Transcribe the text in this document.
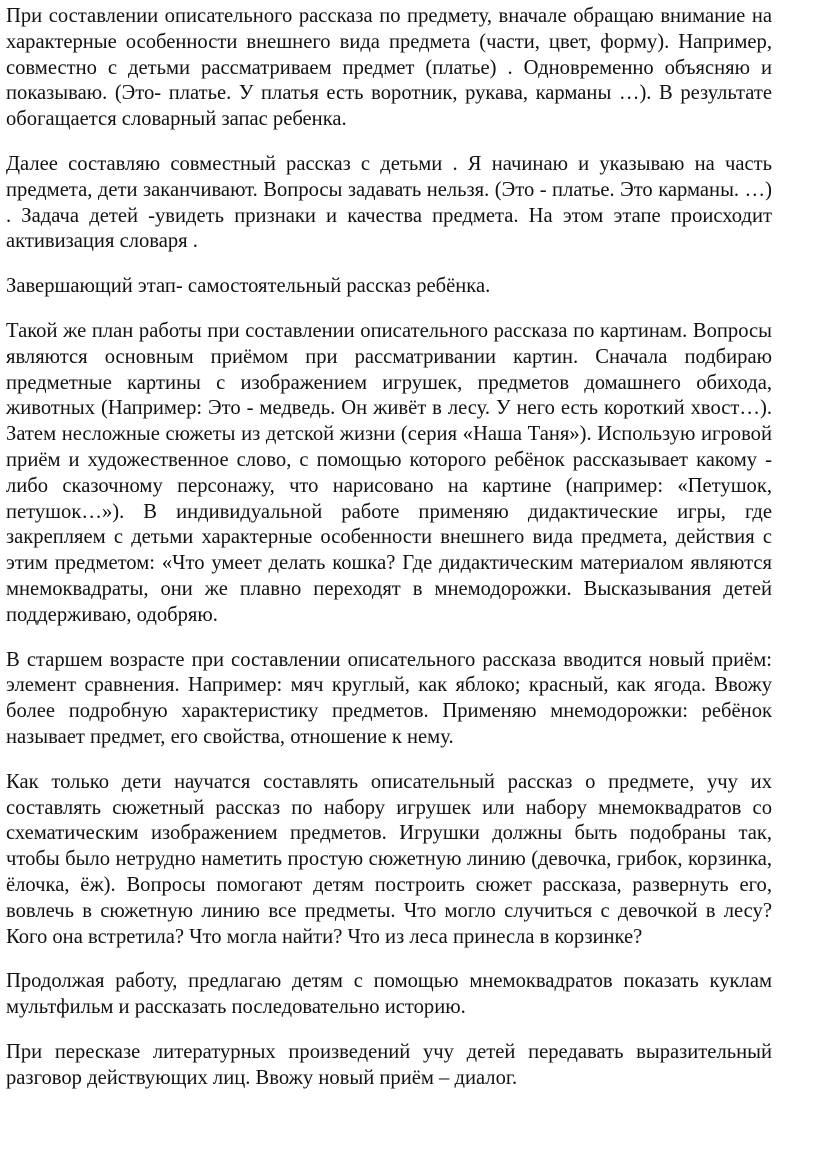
При составлении описательного рассказа по предмету, вначале обращаю внимание на характерные особенности внешнего вида предмета (части, цвет, форму). Например, совместно с детьми рассматриваем предмет (платье) . Одновременно объясняю и показываю. (Это- платье. У платья есть воротник, рукава, карманы …). В результате обогащается словарный запас ребенка.

Далее составляю совместный рассказ с детьми . Я начинаю и указываю на часть предмета, дети заканчивают. Вопросы задавать нельзя. (Это - платье. Это карманы. …) . Задача детей -увидеть признаки и качества предмета. На этом этапе происходит активизация словаря .

Завершающий этап- самостоятельный рассказ ребёнка.

Такой же план работы при составлении описательного рассказа по картинам. Вопросы являются основным приёмом при рассматривании картин. Сначала подбираю предметные картины с изображением игрушек, предметов домашнего обихода, животных (Например: Это - медведь. Он живёт в лесу. У него есть короткий хвост…). Затем несложные сюжеты из детской жизни (серия «Наша Таня»). Использую игровой приём и художественное слово, с помощью которого ребёнок рассказывает какому - либо сказочному персонажу, что нарисовано на картине (например: «Петушок, петушок…»). В индивидуальной работе применяю дидактические игры, где закрепляем с детьми характерные особенности внешнего вида предмета, действия с этим предметом: «Что умеет делать кошка? Где дидактическим материалом являются мнемоквадраты, они же плавно переходят в мнемодорожки. Высказывания детей поддерживаю, одобряю.

В старшем возрасте при составлении описательного рассказа вводится новый приём: элемент сравнения. Например: мяч круглый, как яблоко; красный, как ягода. Ввожу более подробную характеристику предметов. Применяю мнемодорожки: ребёнок называет предмет, его свойства, отношение к нему.

Как только дети научатся составлять описательный рассказ о предмете, учу их составлять сюжетный рассказ по набору игрушек или набору мнемоквадратов со схематическим изображением предметов. Игрушки должны быть подобраны так, чтобы было нетрудно наметить простую сюжетную линию (девочка, грибок, корзинка, ёлочка, ёж). Вопросы помогают детям построить сюжет рассказа, развернуть его, вовлечь в сюжетную линию все предметы. Что могло случиться с девочкой в лесу? Кого она встретила? Что могла найти? Что из леса принесла в корзинке?

Продолжая работу, предлагаю детям с помощью мнемоквадратов показать куклам мультфильм и рассказать последовательно историю.

При пересказе литературных произведений учу детей передавать выразительный разговор действующих лиц. Ввожу новый приём – диалог.
